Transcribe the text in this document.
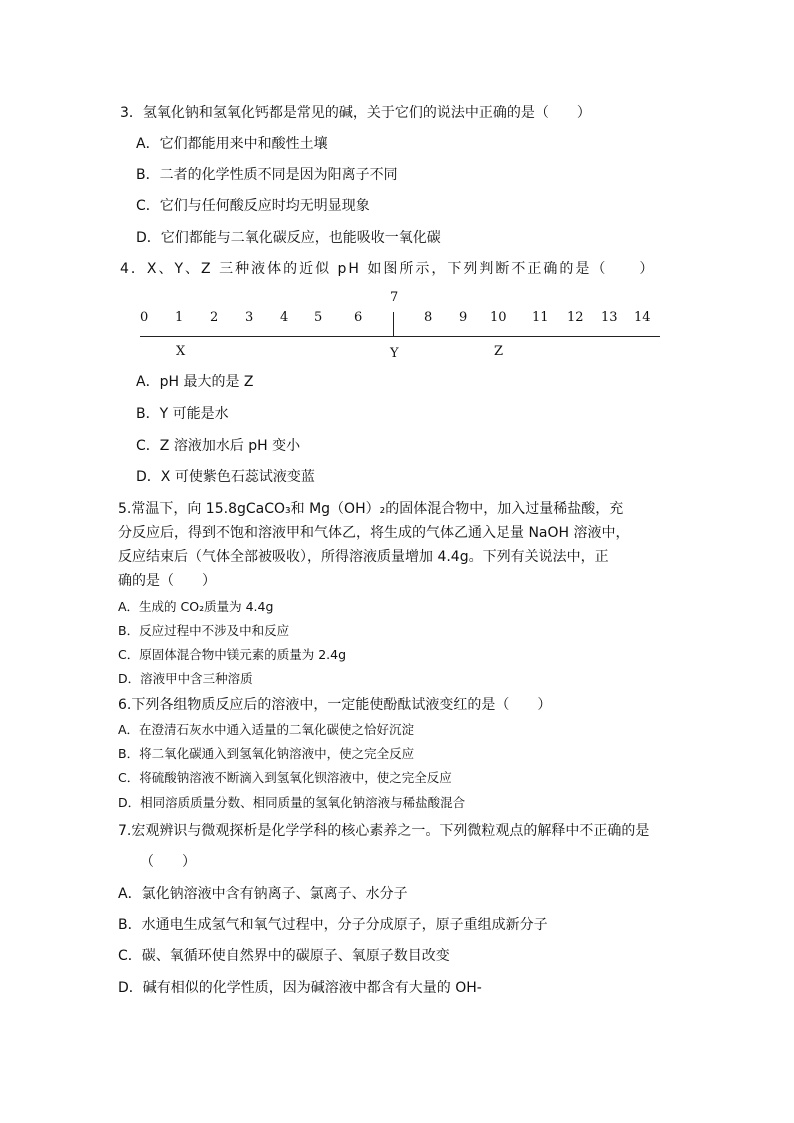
3．氢氧化钠和氢氧化钙都是常见的碱，关于它们的说法中正确的是（　　）
A．它们都能用来中和酸性土壤
B．二者的化学性质不同是因为阳离子不同
C．它们与任何酸反应时均无明显现象
D．它们都能与二氧化碳反应，也能吸收一氧化碳
4．X、Y、Z 三种液体的近似 pH 如图所示，下列判断不正确的是（　　）
0 1 2 3 4 5 6
7
8 9 10 11 12 13 14
X	Y	Z
A．pH 最大的是 Z
B．Y 可能是水
C．Z 溶液加水后 pH 变小
D．X 可使紫色石蕊试液变蓝
5.常温下，向 15.8gCaCO₃和 Mg（OH）₂的固体混合物中，加入过量稀盐酸，充
分反应后，得到不饱和溶液甲和气体乙，将生成的气体乙通入足量 NaOH 溶液中，
反应结束后（气体全部被吸收），所得溶液质量增加 4.4g。下列有关说法中，正
确的是（　　）
A．生成的 CO₂质量为 4.4g
B．反应过程中不涉及中和反应
C．原固体混合物中镁元素的质量为 2.4g
D．溶液甲中含三种溶质
6.下列各组物质反应后的溶液中，一定能使酚酞试液变红的是（　　）
A．在澄清石灰水中通入适量的二氧化碳使之恰好沉淀
B．将二氧化碳通入到氢氧化钠溶液中，使之完全反应
C．将硫酸钠溶液不断滴入到氢氧化钡溶液中，使之完全反应
D．相同溶质质量分数、相同质量的氢氧化钠溶液与稀盐酸混合
7.宏观辨识与微观探析是化学学科的核心素养之一。下列微粒观点的解释中不正确的是
（　　）
A．氯化钠溶液中含有钠离子、氯离子、水分子
B．水通电生成氢气和氧气过程中，分子分成原子，原子重组成新分子
C．碳、氧循环使自然界中的碳原子、氧原子数目改变
D．碱有相似的化学性质，因为碱溶液中都含有大量的 OH-
